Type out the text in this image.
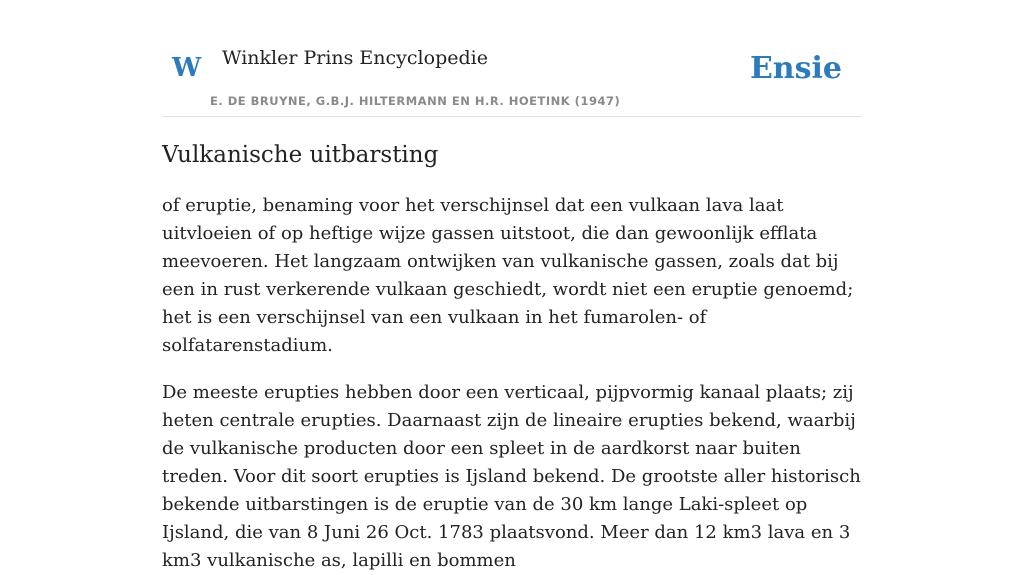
W Winkler Prins Encyclopedie
E. DE BRUYNE, G.B.J. HILTERMANN EN H.R. HOETINK (1947)
Ensie
Vulkanische uitbarsting

of eruptie, benaming voor het verschijnsel dat een vulkaan lava laat uitvloeien of op heftige wijze gassen uitstoot, die dan gewoonlijk efflata meevoeren. Het langzaam ontwijken van vulkanische gassen, zoals dat bij een in rust verkerende vulkaan geschiedt, wordt niet een eruptie genoemd; het is een verschijnsel van een vulkaan in het fumarolen- of solfatarenstadium.

De meeste erupties hebben door een verticaal, pijpvormig kanaal plaats; zij heten centrale erupties. Daarnaast zijn de lineaire erupties bekend, waarbij de vulkanische producten door een spleet in de aardkorst naar buiten treden. Voor dit soort erupties is Ijsland bekend. De grootste aller historisch bekende uitbarstingen is de eruptie van de 30 km lange Laki-spleet op Ijsland, die van 8 Juni 26 Oct. 1783 plaatsvond. Meer dan 12 km3 lava en 3 km3 vulkanische as, lapilli en bommen
